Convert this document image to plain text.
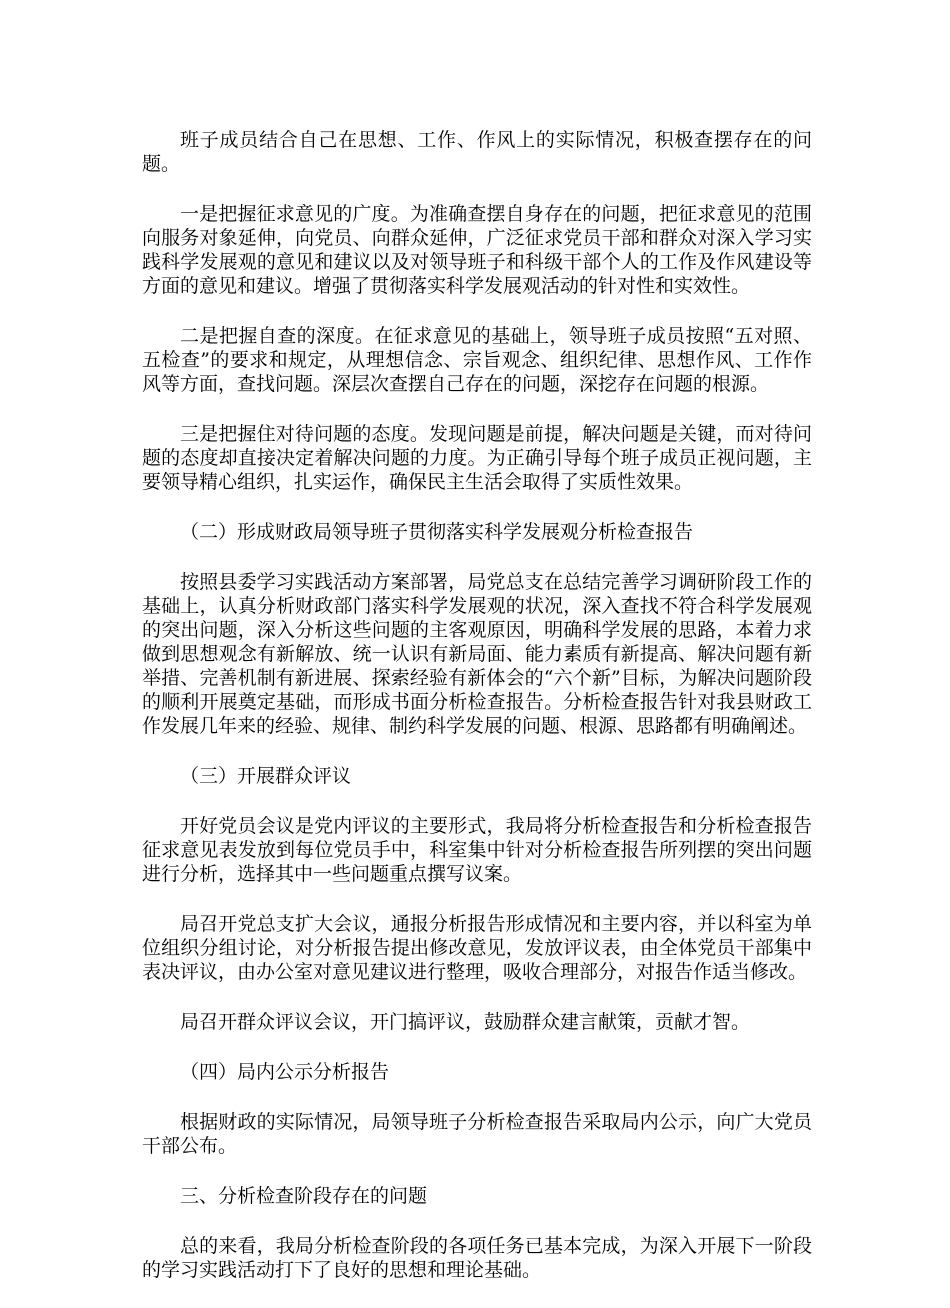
班子成员结合自己在思想、工作、作风上的实际情况，积极查摆存在的问题。

一是把握征求意见的广度。为准确查摆自身存在的问题，把征求意见的范围向服务对象延伸，向党员、向群众延伸，广泛征求党员干部和群众对深入学习实践科学发展观的意见和建议以及对领导班子和科级干部个人的工作及作风建设等方面的意见和建议。增强了贯彻落实科学发展观活动的针对性和实效性。

二是把握自查的深度。在征求意见的基础上，领导班子成员按照“五对照、五检查”的要求和规定，从理想信念、宗旨观念、组织纪律、思想作风、工作作风等方面，查找问题。深层次查摆自己存在的问题，深挖存在问题的根源。

三是把握住对待问题的态度。发现问题是前提，解决问题是关键，而对待问题的态度却直接决定着解决问题的力度。为正确引导每个班子成员正视问题，主要领导精心组织，扎实运作，确保民主生活会取得了实质性效果。

（二）形成财政局领导班子贯彻落实科学发展观分析检查报告

按照县委学习实践活动方案部署，局党总支在总结完善学习调研阶段工作的基础上，认真分析财政部门落实科学发展观的状况，深入查找不符合科学发展观的突出问题，深入分析这些问题的主客观原因，明确科学发展的思路，本着力求做到思想观念有新解放、统一认识有新局面、能力素质有新提高、解决问题有新举措、完善机制有新进展、探索经验有新体会的“六个新”目标，为解决问题阶段的顺利开展奠定基础，而形成书面分析检查报告。分析检查报告针对我县财政工作发展几年来的经验、规律、制约科学发展的问题、根源、思路都有明确阐述。

（三）开展群众评议

开好党员会议是党内评议的主要形式，我局将分析检查报告和分析检查报告征求意见表发放到每位党员手中，科室集中针对分析检查报告所列摆的突出问题进行分析，选择其中一些问题重点撰写议案。

局召开党总支扩大会议，通报分析报告形成情况和主要内容，并以科室为单位组织分组讨论，对分析报告提出修改意见，发放评议表，由全体党员干部集中表决评议，由办公室对意见建议进行整理，吸收合理部分，对报告作适当修改。

局召开群众评议会议，开门搞评议，鼓励群众建言献策，贡献才智。

（四）局内公示分析报告

根据财政的实际情况，局领导班子分析检查报告采取局内公示，向广大党员干部公布。

三、分析检查阶段存在的问题

总的来看，我局分析检查阶段的各项任务已基本完成，为深入开展下一阶段的学习实践活动打下了良好的思想和理论基础。
